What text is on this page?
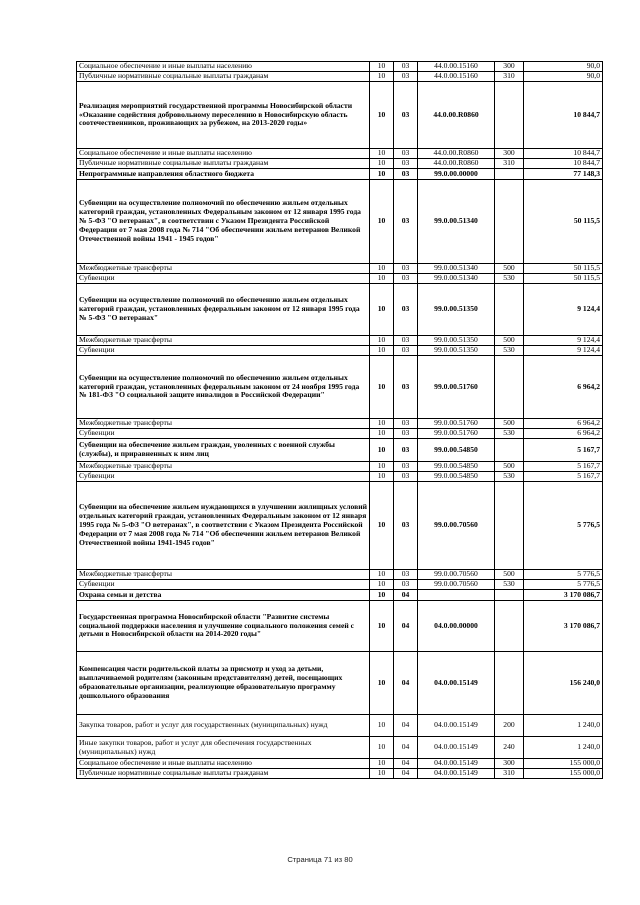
Социальное обеспечение и иные выплаты населению	10	03	44.0.00.15160	300	90,0
Публичные нормативные социальные выплаты гражданам	10	03	44.0.00.15160	310	90,0
Реализация мероприятий государственной программы Новосибирской области «Оказание содействия добровольному переселению в Новосибирскую область соотечественников, проживающих за рубежом, на 2013-2020 годы»	10	03	44.0.00.R0860		10 844,7
Социальное обеспечение и иные выплаты населению	10	03	44.0.00.R0860	300	10 844,7
Публичные нормативные социальные выплаты гражданам	10	03	44.0.00.R0860	310	10 844,7
Непрограммные направления областного бюджета	10	03	99.0.00.00000		77 148,3
Субвенции на осуществление полномочий по обеспечению жильем отдельных категорий граждан, установленных Федеральным законом от 12 января 1995 года № 5-ФЗ "О ветеранах", в соответствии с Указом Президента Российской Федерации от 7 мая 2008 года № 714 "Об обеспечении жильем ветеранов Великой Отечественной войны 1941 - 1945 годов"	10	03	99.0.00.51340		50 115,5
Межбюджетные трансферты	10	03	99.0.00.51340	500	50 115,5
Субвенции	10	03	99.0.00.51340	530	50 115,5
Субвенции на осуществление полномочий по обеспечению жильем отдельных категорий граждан, установленных федеральным законом от 12 января 1995 года № 5-ФЗ "О ветеранах"	10	03	99.0.00.51350		9 124,4
Межбюджетные трансферты	10	03	99.0.00.51350	500	9 124,4
Субвенции	10	03	99.0.00.51350	530	9 124,4
Субвенции на осуществление полномочий по обеспечению жильем отдельных категорий граждан, установленных федеральным законом от 24 ноября 1995 года № 181-ФЗ "О социальной защите инвалидов в Российской Федерации"	10	03	99.0.00.51760		6 964,2
Межбюджетные трансферты	10	03	99.0.00.51760	500	6 964,2
Субвенции	10	03	99.0.00.51760	530	6 964,2
Субвенции на обеспечение жильем граждан, уволенных с военной службы (службы), и приравненных к ним лиц	10	03	99.0.00.54850		5 167,7
Межбюджетные трансферты	10	03	99.0.00.54850	500	5 167,7
Субвенции	10	03	99.0.00.54850	530	5 167,7
Субвенции на обеспечение жильем нуждающихся в улучшении жилищных условий отдельных категорий граждан, установленных Федеральным законом от 12 января 1995 года № 5-ФЗ "О ветеранах", в соответствии с Указом Президента Российской Федерации от 7 мая 2008 года № 714 "Об обеспечении жильем ветеранов Великой Отечественной войны 1941-1945 годов"	10	03	99.0.00.70560		5 776,5
Межбюджетные трансферты	10	03	99.0.00.70560	500	5 776,5
Субвенции	10	03	99.0.00.70560	530	5 776,5
Охрана семьи и детства	10	04			3 170 086,7
Государственная программа Новосибирской области "Развитие системы социальной поддержки населения и улучшение социального положения семей с детьми в Новосибирской области на 2014-2020 годы"	10	04	04.0.00.00000		3 170 086,7
Компенсация части родительской платы за присмотр и уход за детьми, выплачиваемой родителям (законным представителям) детей, посещающих образовательные организации, реализующие образовательную программу дошкольного образования	10	04	04.0.00.15149		156 240,0
Закупка товаров, работ и услуг для государственных (муниципальных) нужд	10	04	04.0.00.15149	200	1 240,0
Иные закупки товаров, работ и услуг для обеспечения государственных (муниципальных) нужд	10	04	04.0.00.15149	240	1 240,0
Социальное обеспечение и иные выплаты населению	10	04	04.0.00.15149	300	155 000,0
Публичные нормативные социальные выплаты гражданам	10	04	04.0.00.15149	310	155 000,0
Страница 71 из 80
